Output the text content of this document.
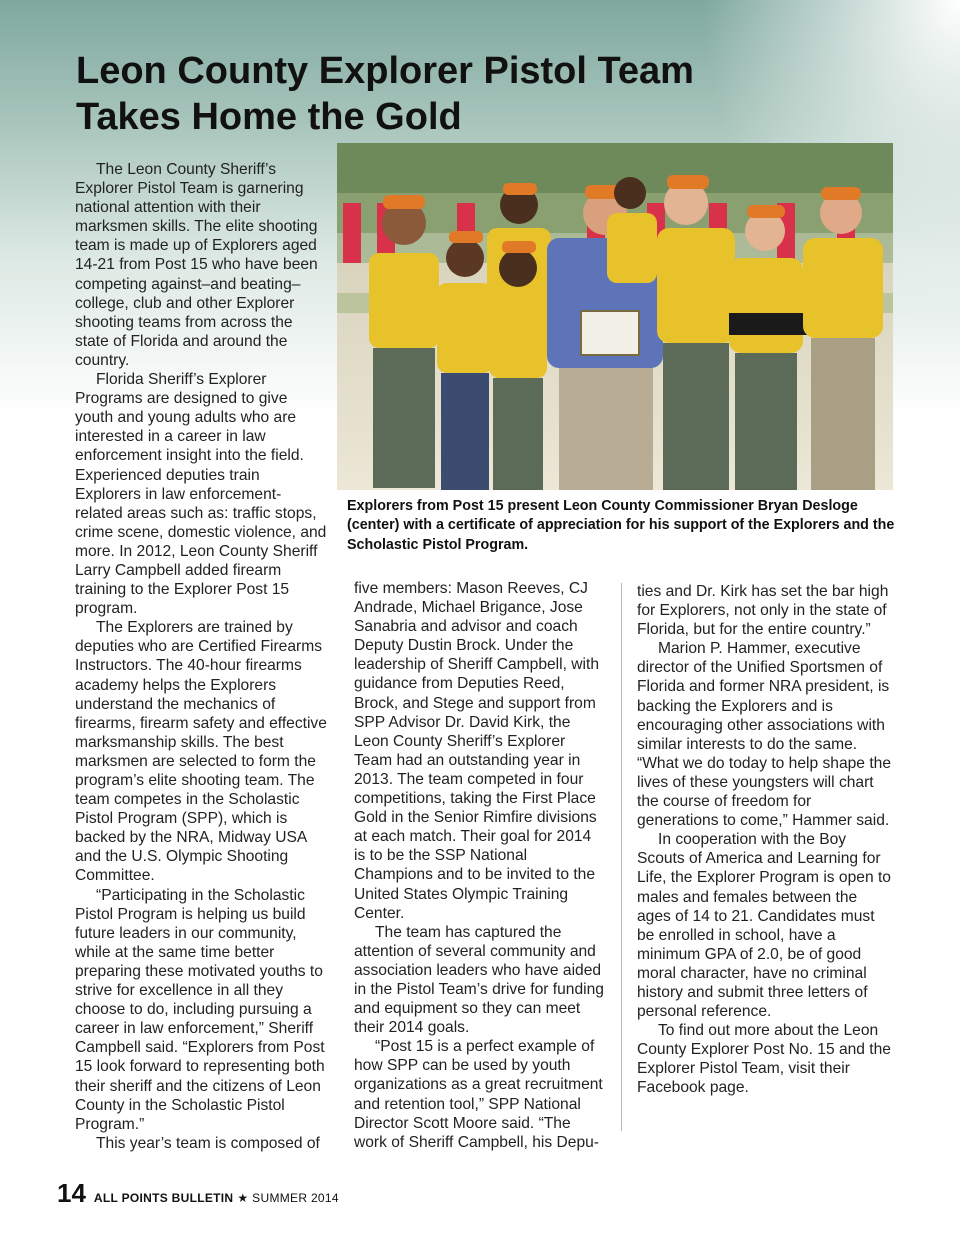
Leon County Explorer Pistol Team
Takes Home the Gold

The Leon County Sheriff’s Explorer Pistol Team is garnering national attention with their marksmen skills. The elite shooting team is made up of Explorers aged 14-21 from Post 15 who have been competing against–and beating–college, club and other Explorer shooting teams from across the state of Florida and around the country.

Florida Sheriff’s Explorer Programs are designed to give youth and young adults who are interested in a career in law enforcement insight into the field. Experienced deputies train Explorers in law enforcement-related areas such as: traffic stops, crime scene, domestic violence, and more. In 2012, Leon County Sheriff Larry Campbell added firearm training to the Explorer Post 15 program.

The Explorers are trained by deputies who are Certified Firearms Instructors. The 40-hour firearms academy helps the Explorers understand the mechanics of firearms, firearm safety and effective marksmanship skills. The best marksmen are selected to form the program’s elite shooting team. The team competes in the Scholastic Pistol Program (SPP), which is backed by the NRA, Midway USA and the U.S. Olympic Shooting Committee.

“Participating in the Scholastic Pistol Program is helping us build future leaders in our community, while at the same time better preparing these motivated youths to strive for excellence in all they choose to do, including pursuing a career in law enforcement,” Sheriff Campbell said. “Explorers from Post 15 look forward to representing both their sheriff and the citizens of Leon County in the Scholastic Pistol Program.”

This year’s team is composed of

Explorers from Post 15 present Leon County Commissioner Bryan Desloge (center) with a certificate of appreciation for his support of the Explorers and the Scholastic Pistol Program.

five members: Mason Reeves, CJ Andrade, Michael Brigance, Jose Sanabria and advisor and coach Deputy Dustin Brock. Under the leadership of Sheriff Campbell, with guidance from Deputies Reed, Brock, and Stege and support from SPP Advisor Dr. David Kirk, the Leon County Sheriff’s Explorer Team had an outstanding year in 2013. The team competed in four competitions, taking the First Place Gold in the Senior Rimfire divisions at each match. Their goal for 2014 is to be the SSP National Champions and to be invited to the United States Olympic Training Center.

The team has captured the attention of several community and association leaders who have aided in the Pistol Team’s drive for funding and equipment so they can meet their 2014 goals.

“Post 15 is a perfect example of how SPP can be used by youth organizations as a great recruitment and retention tool,” SPP National Director Scott Moore said. “The work of Sheriff Campbell, his Depu-

ties and Dr. Kirk has set the bar high for Explorers, not only in the state of Florida, but for the entire country.”

Marion P. Hammer, executive director of the Unified Sportsmen of Florida and former NRA president, is backing the Explorers and is encouraging other associations with similar interests to do the same. “What we do today to help shape the lives of these youngsters will chart the course of freedom for generations to come,” Hammer said.

In cooperation with the Boy Scouts of America and Learning for Life, the Explorer Program is open to males and females between the ages of 14 to 21. Candidates must be enrolled in school, have a minimum GPA of 2.0, be of good moral character, have no criminal history and submit three letters of personal reference.

To find out more about the Leon County Explorer Post No. 15 and the Explorer Pistol Team, visit their Facebook page.

14 ALL POINTS BULLETIN ★ SUMMER 2014
